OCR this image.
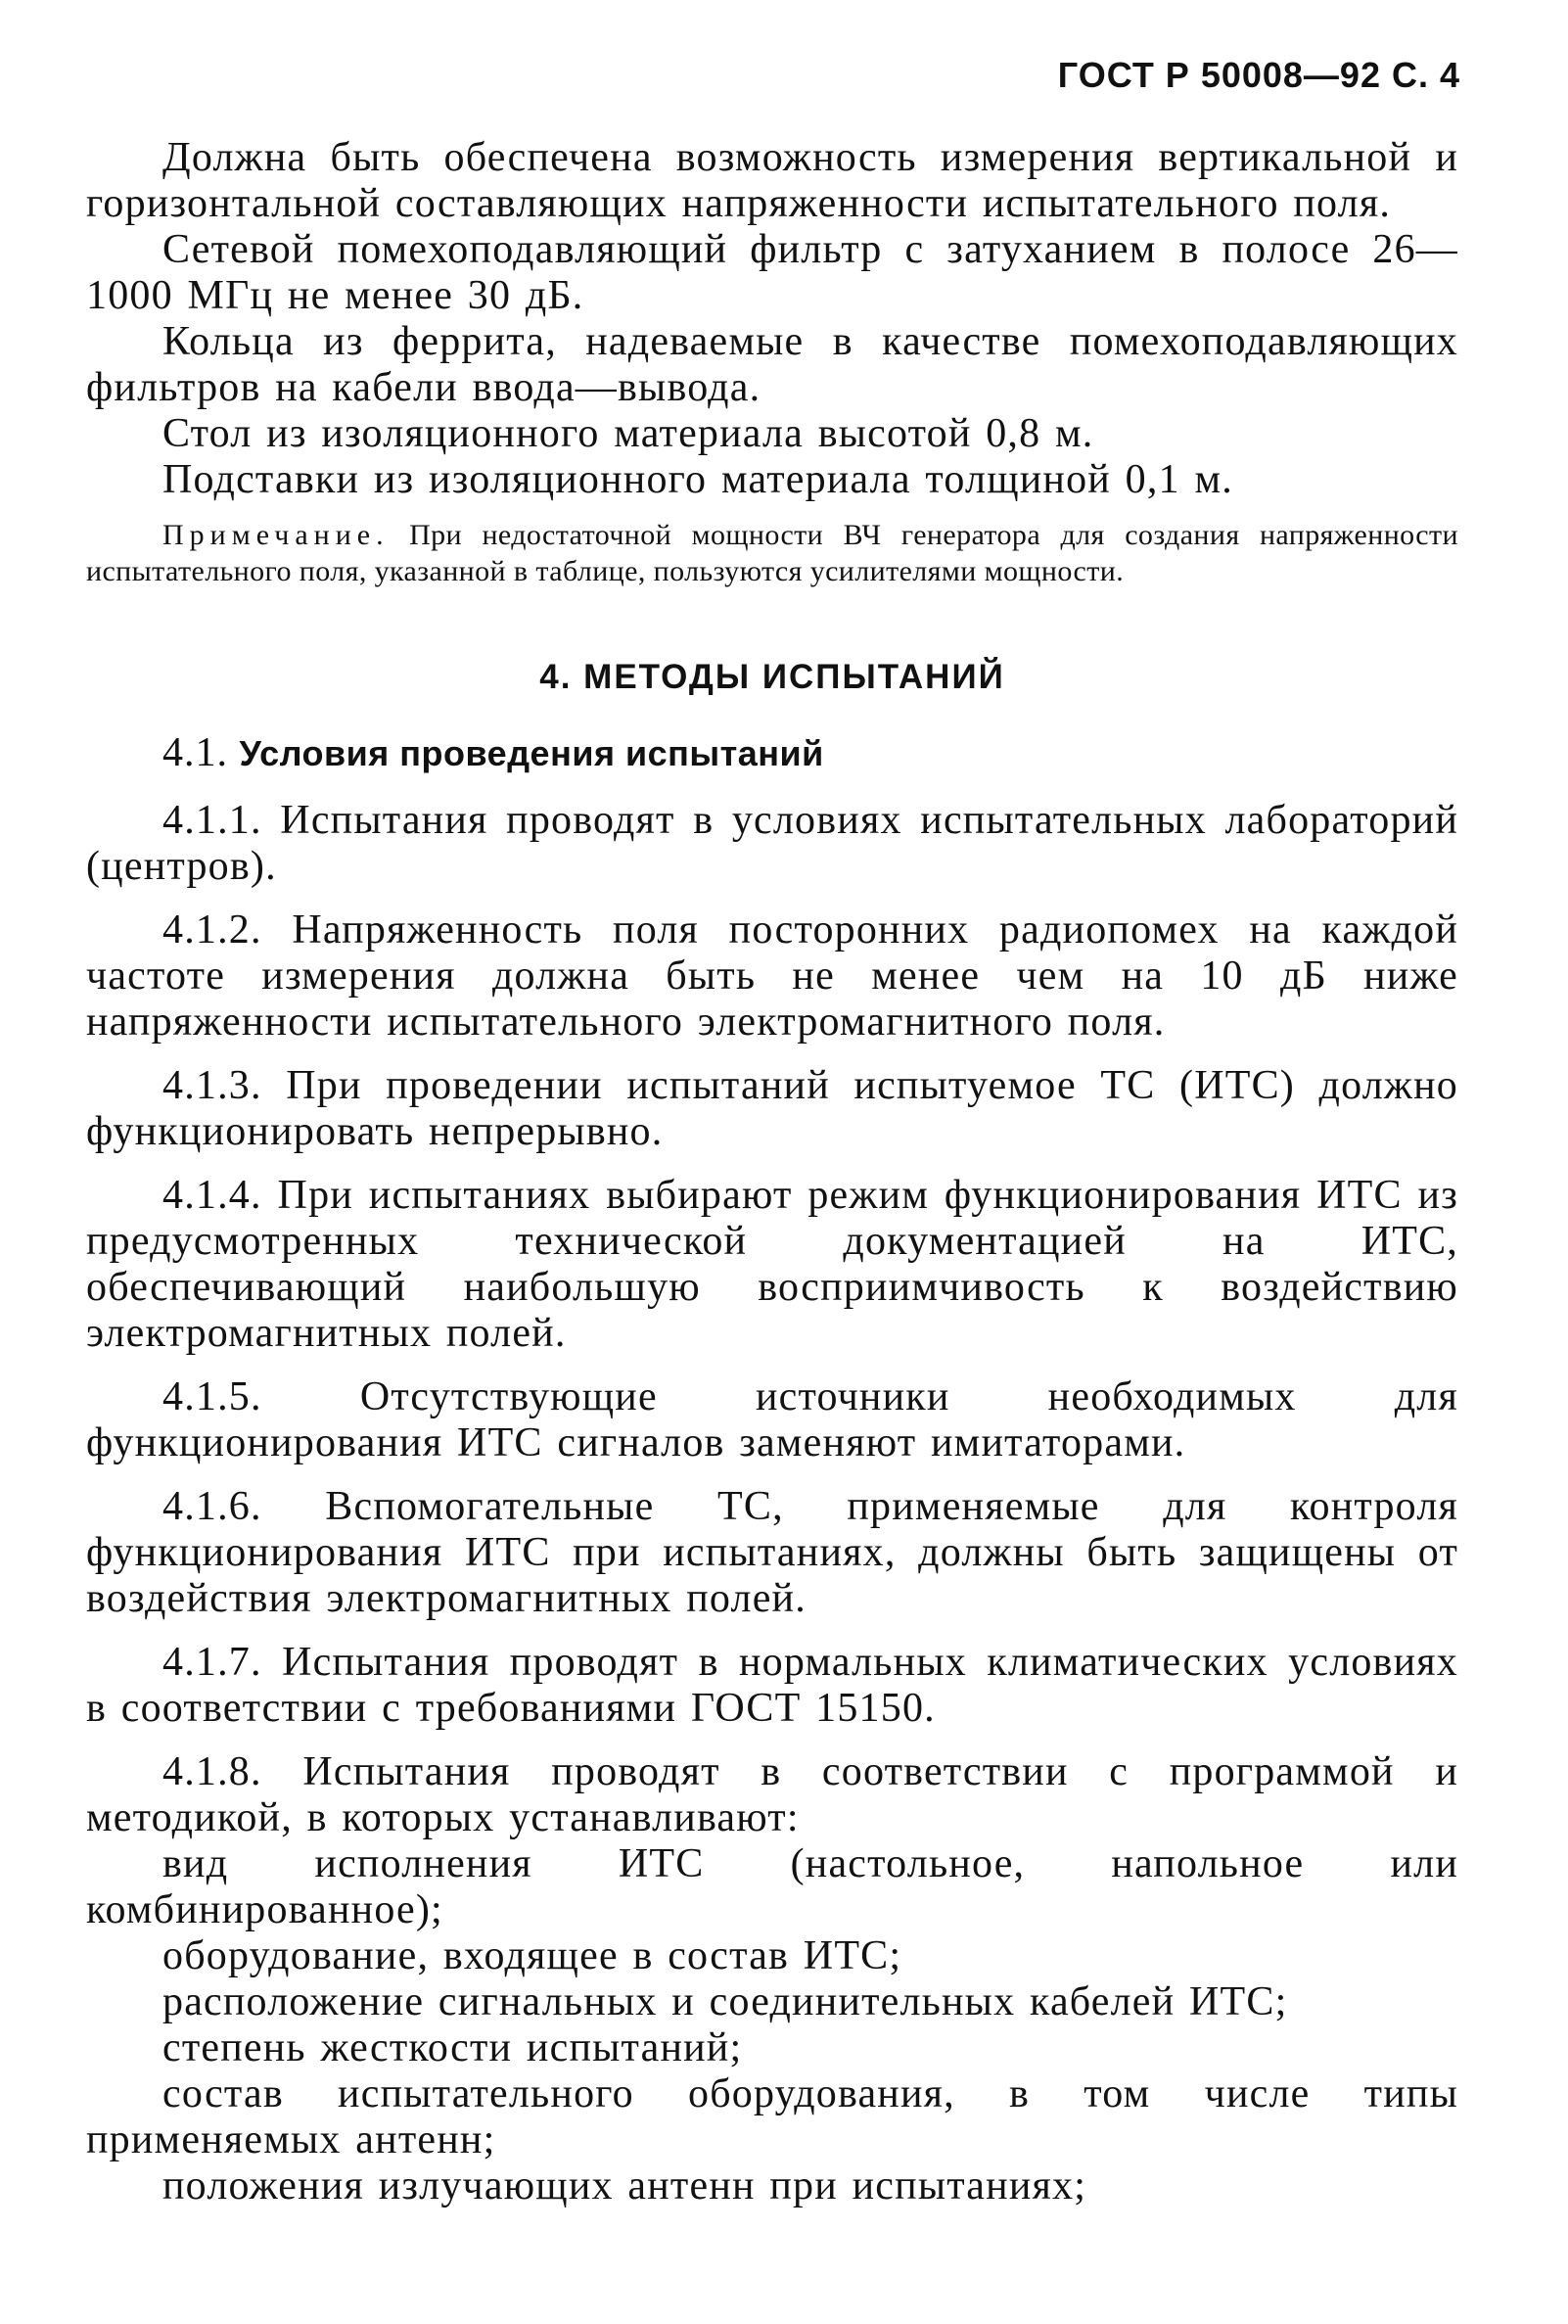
ГОСТ Р 50008—92 С. 4

Должна быть обеспечена возможность измерения вертикальной и горизонтальной составляющих напряженности испытательного поля.

Сетевой помехоподавляющий фильтр с затуханием в полосе 26—1000 МГц не менее 30 дБ.

Кольца из феррита, надеваемые в качестве помехоподавляющих фильтров на кабели ввода—вывода.

Стол из изоляционного материала высотой 0,8 м.

Подставки из изоляционного материала толщиной 0,1 м.

Примечание. При недостаточной мощности ВЧ генератора для создания напряженности испытательного поля, указанной в таблице, пользуются усилителями мощности.

4. МЕТОДЫ ИСПЫТАНИЙ

4.1. Условия проведения испытаний

4.1.1. Испытания проводят в условиях испытательных лабораторий (центров).

4.1.2. Напряженность поля посторонних радиопомех на каждой частоте измерения должна быть не менее чем на 10 дБ ниже напряженности испытательного электромагнитного поля.

4.1.3. При проведении испытаний испытуемое ТС (ИТС) должно функционировать непрерывно.

4.1.4. При испытаниях выбирают режим функционирования ИТС из предусмотренных технической документацией на ИТС, обеспечивающий наибольшую восприимчивость к воздействию электромагнитных полей.

4.1.5. Отсутствующие источники необходимых для функционирования ИТС сигналов заменяют имитаторами.

4.1.6. Вспомогательные ТС, применяемые для контроля функционирования ИТС при испытаниях, должны быть защищены от воздействия электромагнитных полей.

4.1.7. Испытания проводят в нормальных климатических условиях в соответствии с требованиями ГОСТ 15150.

4.1.8. Испытания проводят в соответствии с программой и методикой, в которых устанавливают:

вид исполнения ИТС (настольное, напольное или комбинированное);

оборудование, входящее в состав ИТС;

расположение сигнальных и соединительных кабелей ИТС;

степень жесткости испытаний;

состав испытательного оборудования, в том числе типы применяемых антенн;

положения излучающих антенн при испытаниях;
